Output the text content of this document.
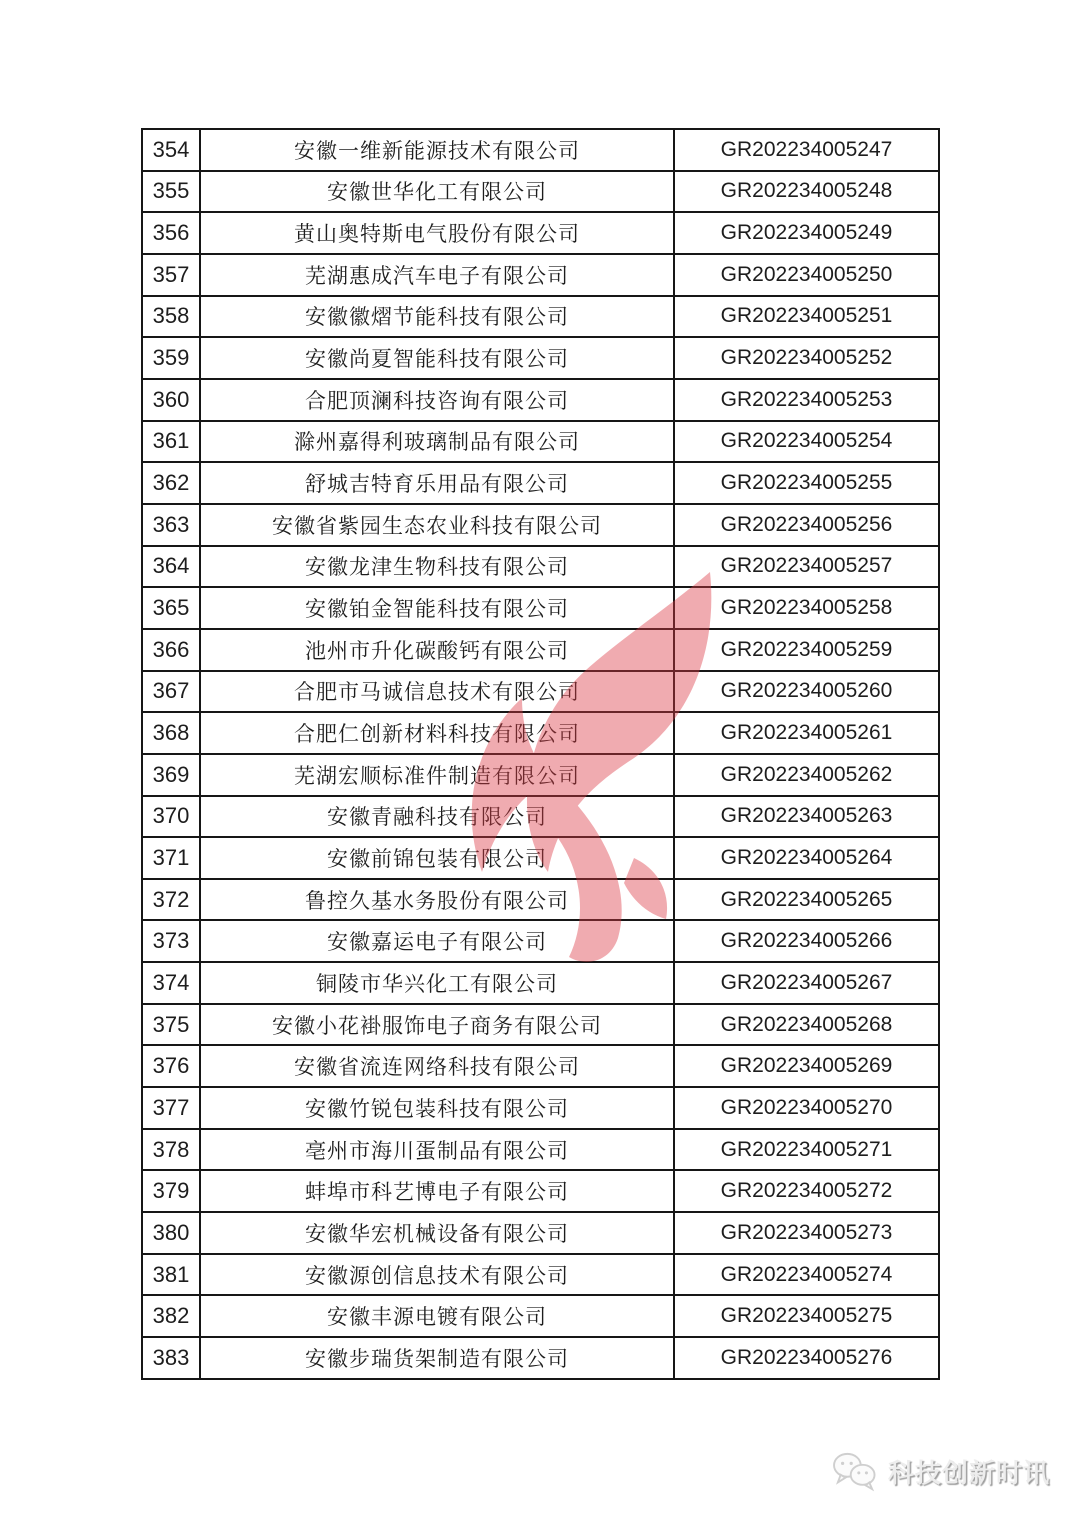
354	安徽一维新能源技术有限公司	GR202234005247
355	安徽世华化工有限公司	GR202234005248
356	黄山奥特斯电气股份有限公司	GR202234005249
357	芜湖惠成汽车电子有限公司	GR202234005250
358	安徽徽熠节能科技有限公司	GR202234005251
359	安徽尚夏智能科技有限公司	GR202234005252
360	合肥顶澜科技咨询有限公司	GR202234005253
361	滁州嘉得利玻璃制品有限公司	GR202234005254
362	舒城吉特育乐用品有限公司	GR202234005255
363	安徽省紫园生态农业科技有限公司	GR202234005256
364	安徽龙津生物科技有限公司	GR202234005257
365	安徽铂金智能科技有限公司	GR202234005258
366	池州市升化碳酸钙有限公司	GR202234005259
367	合肥市马诚信息技术有限公司	GR202234005260
368	合肥仁创新材料科技有限公司	GR202234005261
369	芜湖宏顺标准件制造有限公司	GR202234005262
370	安徽青融科技有限公司	GR202234005263
371	安徽前锦包装有限公司	GR202234005264
372	鲁控久基水务股份有限公司	GR202234005265
373	安徽嘉运电子有限公司	GR202234005266
374	铜陵市华兴化工有限公司	GR202234005267
375	安徽小花褂服饰电子商务有限公司	GR202234005268
376	安徽省流连网络科技有限公司	GR202234005269
377	安徽竹锐包装科技有限公司	GR202234005270
378	亳州市海川蛋制品有限公司	GR202234005271
379	蚌埠市科艺博电子有限公司	GR202234005272
380	安徽华宏机械设备有限公司	GR202234005273
381	安徽源创信息技术有限公司	GR202234005274
382	安徽丰源电镀有限公司	GR202234005275
383	安徽步瑞货架制造有限公司	GR202234005276
科技创新时讯
